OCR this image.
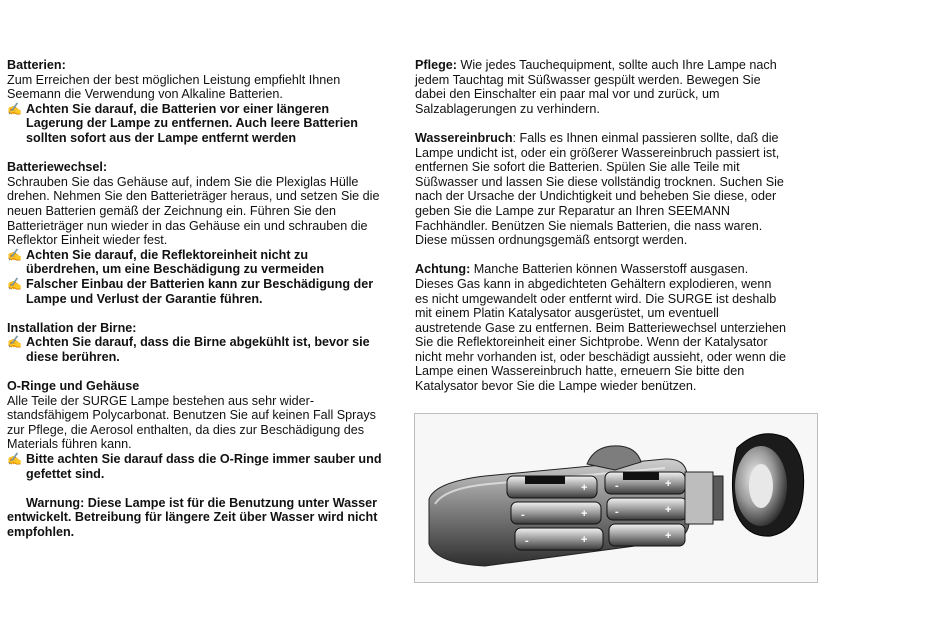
Batterien:

Zum Erreichen der best möglichen Leistung empfiehlt Ihnen Seemann die Verwendung von Alkaline Batterien.

✍ Achten Sie darauf, die Batterien vor einer längeren Lagerung der Lampe zu entfernen. Auch leere Batterien sollten sofort aus der Lampe entfernt werden

Batteriewechsel:

Schrauben Sie das Gehäuse auf, indem Sie die Plexiglas Hülle drehen. Nehmen Sie den Batterieträger heraus, und setzen Sie die neuen Batterien gemäß der Zeichnung ein. Führen Sie den Batterieträger nun wieder in das Gehäuse ein und schrauben die Reflektor Einheit wieder fest.

✍ Achten Sie darauf, die Reflektoreinheit nicht zu überdrehen, um eine Beschädigung zu vermeiden
✍ Falscher Einbau der Batterien kann zur Beschädigung der Lampe und Verlust der Garantie führen.

Installation der Birne:

✍ Achten Sie darauf, dass die Birne abgekühlt ist, bevor sie diese berühren.

O-Ringe und Gehäuse

Alle Teile der SURGE Lampe bestehen aus sehr wider- standsfähigem Polycarbonat. Benutzen Sie auf keinen Fall Sprays zur Pflege, die Aerosol enthalten, da dies zur Beschädigung des Materials führen kann.

✍ Bitte achten Sie darauf dass die O-Ringe immer sauber und gefettet sind.

Warnung: Diese Lampe ist für die Benutzung unter Wasser entwickelt. Betreibung für längere Zeit über Wasser wird nicht empfohlen.

Pflege: Wie jedes Tauchequipment, sollte auch Ihre Lampe nach jedem Tauchtag mit Süßwasser gespült werden. Bewegen Sie dabei den Einschalter ein paar mal vor und zurück, um Salzablagerungen zu verhindern.

Wassereinbruch: Falls es Ihnen einmal passieren sollte, daß die Lampe undicht ist, oder ein größerer Wassereinbruch passiert ist, entfernen Sie sofort die Batterien. Spülen Sie alle Teile mit Süßwasser und lassen Sie diese vollständig trocknen. Suchen Sie nach der Ursache der Undichtigkeit und beheben Sie diese, oder geben Sie die Lampe zur Reparatur an Ihren SEEMANN Fachhändler. Benützen Sie niemals Batterien, die nass waren. Diese müssen ordnungsgemäß entsorgt werden.

Achtung: Manche Batterien können Wasserstoff ausgasen. Dieses Gas kann in abgedichteten Gehältern explodieren, wenn es nicht umgewandelt oder entfernt wird. Die SURGE ist deshalb mit einem Platin Katalysator ausgerüstet, um eventuell austretende Gase zu entfernen. Beim Batteriewechsel unterziehen Sie die Reflektoreinheit einer Sichtprobe. Wenn der Katalysator nicht mehr vorhanden ist, oder beschädigt aussieht, oder wenn die Lampe einen Wassereinbruch hatte, erneuern Sie bitte den Katalysator bevor Sie die Lampe wieder benützen.

+
+
+
+
+
+
-
-
-
-
